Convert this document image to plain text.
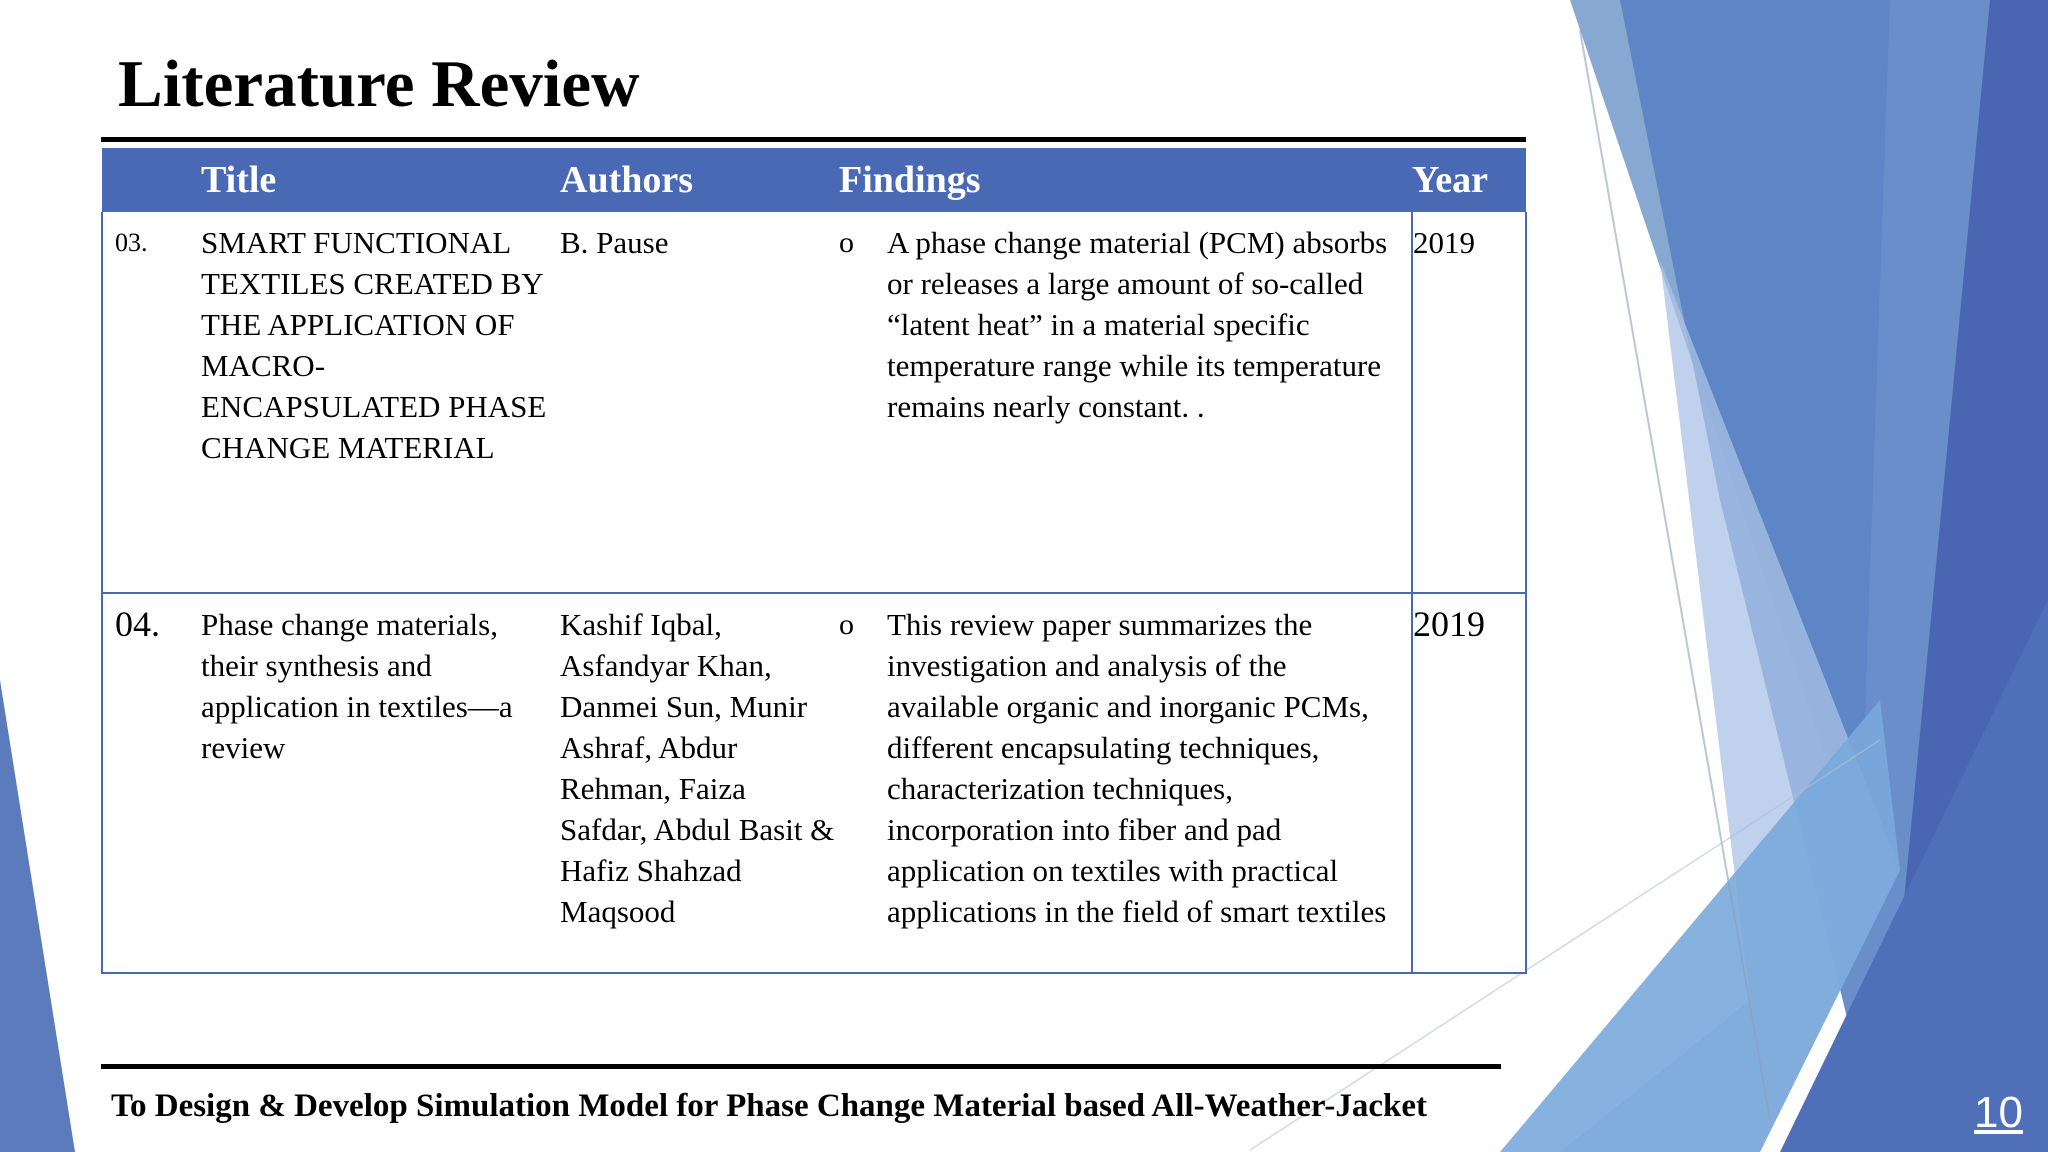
Literature Review
	Title	Authors	Findings	Year
03.	SMART FUNCTIONAL TEXTILES CREATED BY THE APPLICATION OF MACRO-ENCAPSULATED PHASE CHANGE MATERIAL	B. Pause	o A phase change material (PCM) absorbs or releases a large amount of so-called “latent heat” in a material specific temperature range while its temperature remains nearly constant. .	2019
04.	Phase change materials, their synthesis and application in textiles—a review	Kashif Iqbal, Asfandyar Khan, Danmei Sun, Munir Ashraf, Abdur Rehman, Faiza Safdar, Abdul Basit & Hafiz Shahzad Maqsood	o This review paper summarizes the investigation and analysis of the available organic and inorganic PCMs, different encapsulating techniques, characterization techniques, incorporation into fiber and pad application on textiles with practical applications in the field of smart textiles	2019
To Design & Develop Simulation Model for Phase Change Material based All-Weather-Jacket	10
